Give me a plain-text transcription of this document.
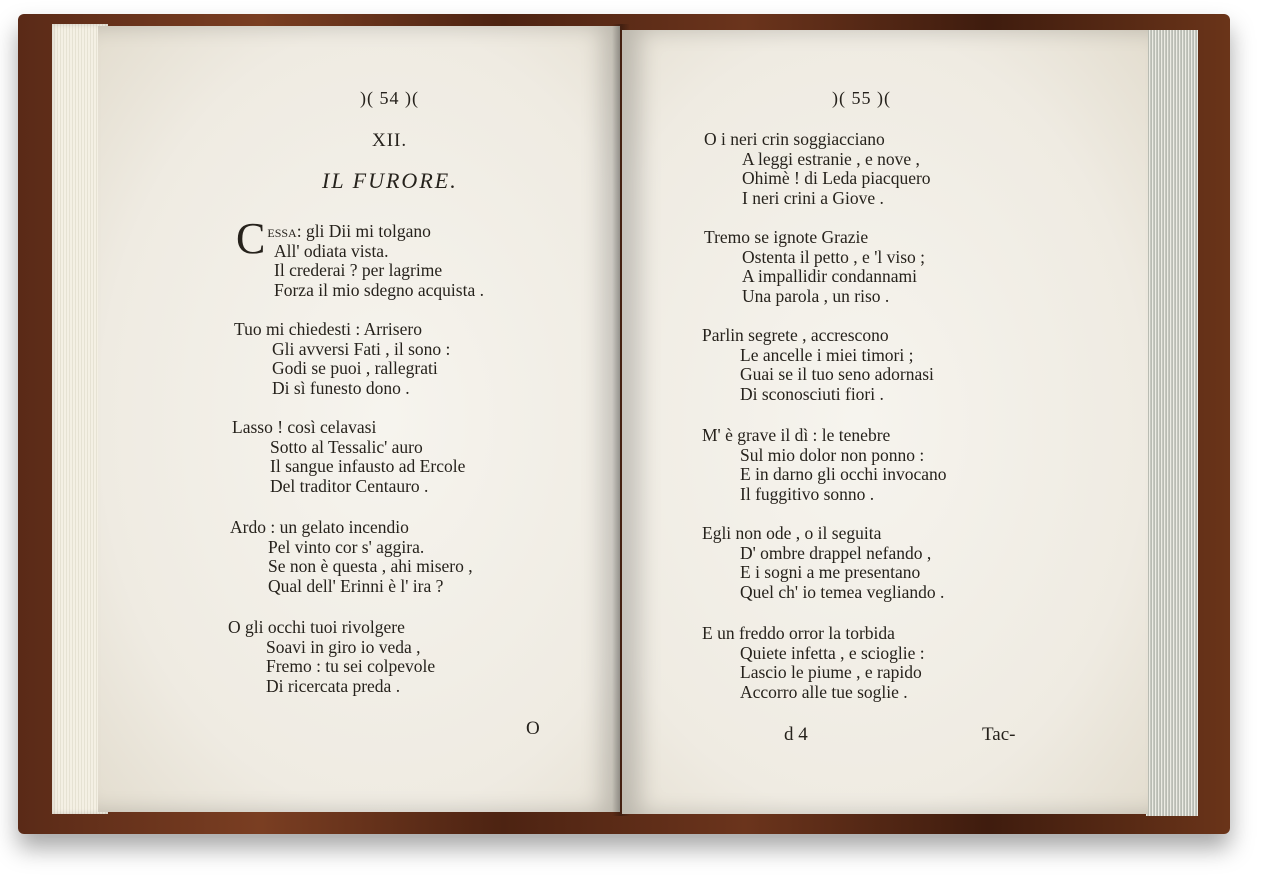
)( 54 )(
XII.
IL FURORE.
Cessa: gli Dii mi tolgano
All' odiata vista.
Il crederai ? per lagrime
Forza il mio sdegno acquista .
Tuo mi chiedesti : Arrisero
Gli avversi Fati , il sono :
Godi se puoi , rallegrati
Di sì funesto dono .
Lasso ! così celavasi
Sotto al Tessalic' auro
Il sangue infausto ad Ercole
Del traditor Centauro .
Ardo : un gelato incendio
Pel vinto cor s' aggira.
Se non è questa , ahi misero ,
Qual dell' Erinni è l' ira ?
O gli occhi tuoi rivolgere
Soavi in giro io veda ,
Fremo : tu sei colpevole
Di ricercata preda .
O
)( 55 )(
O i neri crin soggiacciano
A leggi estranie , e nove ,
Ohimè ! di Leda piacquero
I neri crini a Giove .
Tremo se ignote Grazie
Ostenta il petto , e 'l viso ;
A impallidir condannami
Una parola , un riso .
Parlin segrete , accrescono
Le ancelle i miei timori ;
Guai se il tuo seno adornasi
Di sconosciuti fiori .
M' è grave il dì : le tenebre
Sul mio dolor non ponno :
E in darno gli occhi invocano
Il fuggitivo sonno .
Egli non ode , o il seguita
D' ombre drappel nefando ,
E i sogni a me presentano
Quel ch' io temea vegliando .
E un freddo orror la torbida
Quiete infetta , e scioglie :
Lascio le piume , e rapido
Accorro alle tue soglie .
d 4	Tac-
